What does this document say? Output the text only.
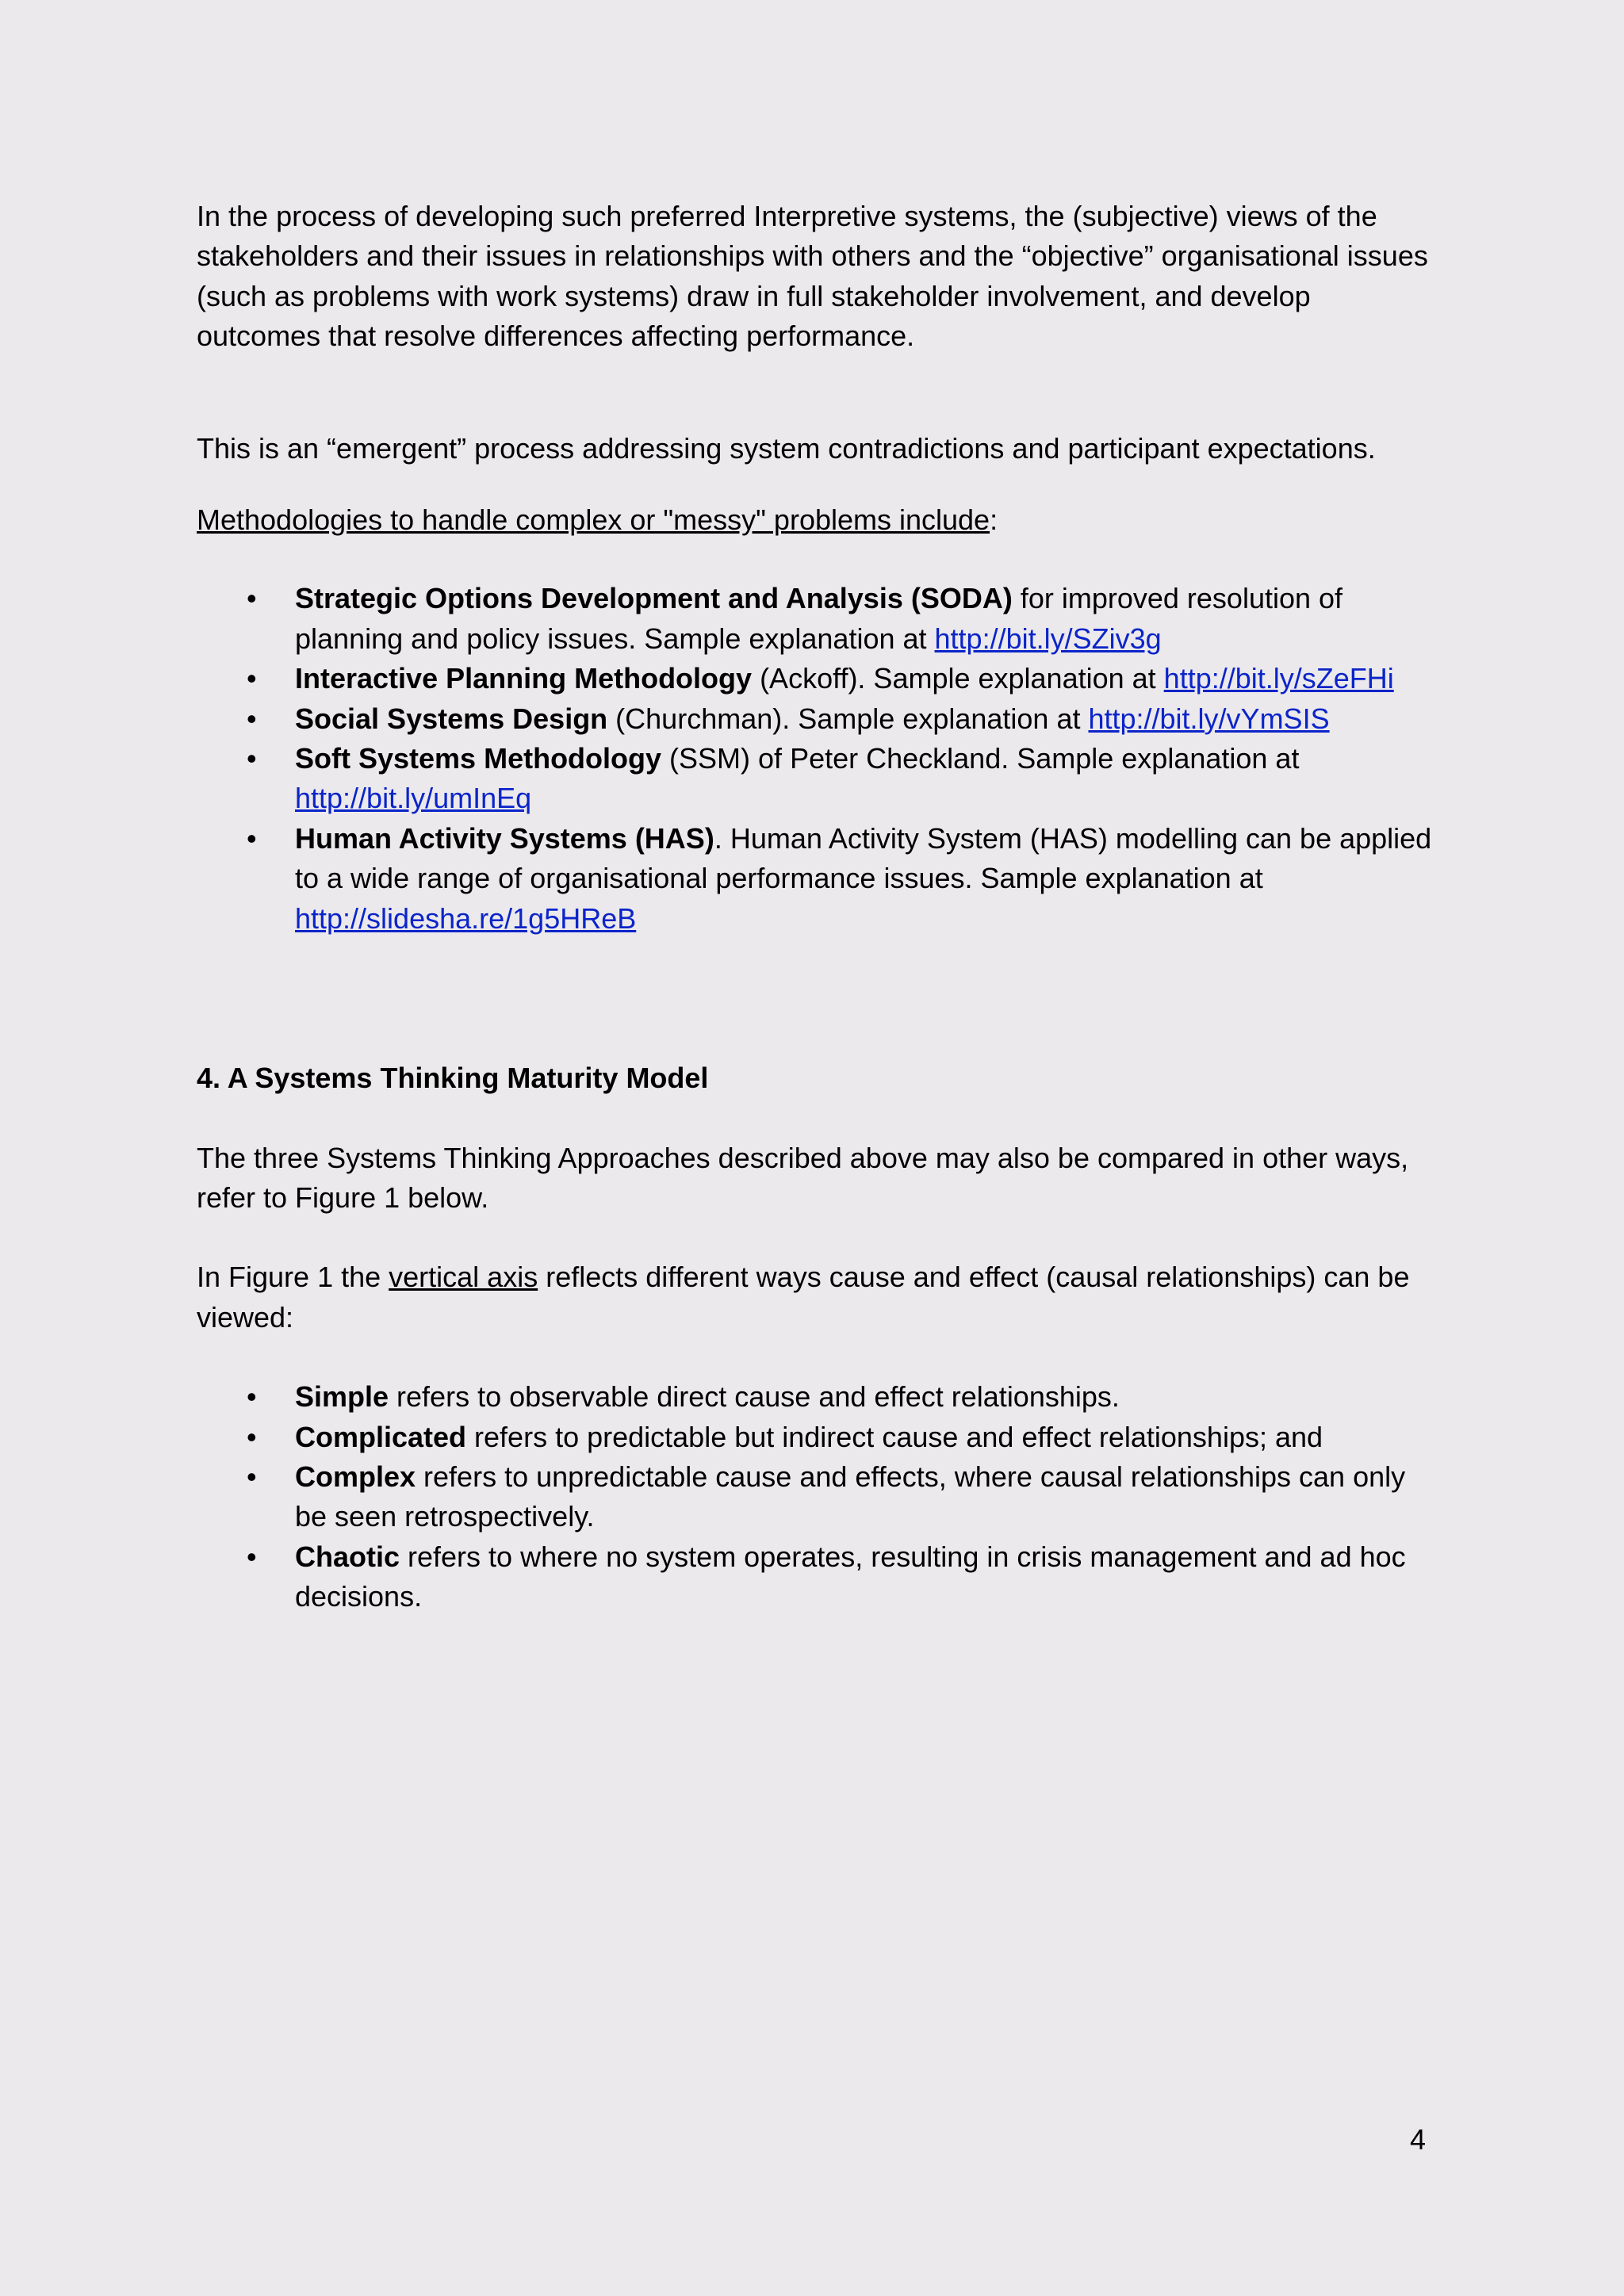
In the process of developing such preferred Interpretive systems, the (subjective) views of the stakeholders and their issues in relationships with others and the “objective” organisational issues (such as problems with work systems) draw in full stakeholder involvement, and develop outcomes that resolve differences affecting performance.

This is an “emergent” process addressing system contradictions and participant expectations.

Methodologies to handle complex or "messy" problems include:

• Strategic Options Development and Analysis (SODA) for improved resolution of planning and policy issues. Sample explanation at http://bit.ly/SZiv3g
• Interactive Planning Methodology (Ackoff). Sample explanation at http://bit.ly/sZeFHi
• Social Systems Design (Churchman). Sample explanation at http://bit.ly/vYmSIS
• Soft Systems Methodology (SSM) of Peter Checkland. Sample explanation at http://bit.ly/umInEq
• Human Activity Systems (HAS). Human Activity System (HAS) modelling can be applied to a wide range of organisational performance issues. Sample explanation at http://slidesha.re/1g5HReB

4. A Systems Thinking Maturity Model

The three Systems Thinking Approaches described above may also be compared in other ways, refer to Figure 1 below.

In Figure 1 the vertical axis reflects different ways cause and effect (causal relationships) can be viewed:

• Simple refers to observable direct cause and effect relationships.
• Complicated refers to predictable but indirect cause and effect relationships; and
• Complex refers to unpredictable cause and effects, where causal relationships can only be seen retrospectively.
• Chaotic refers to where no system operates, resulting in crisis management and ad hoc decisions.
4
